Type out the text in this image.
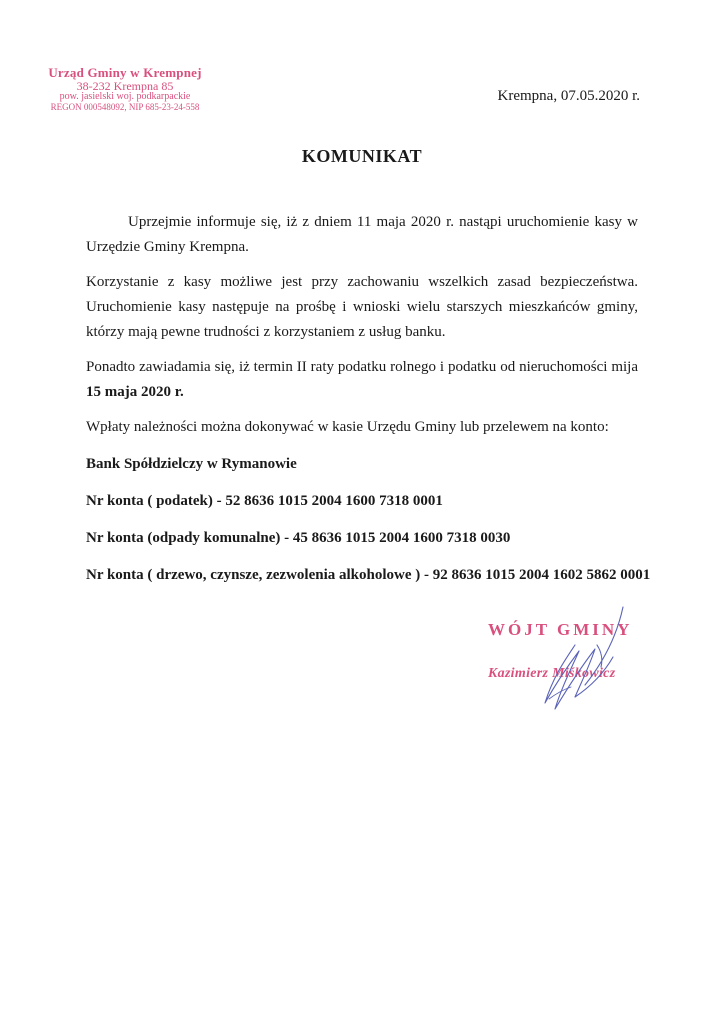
Urząd Gminy w Krempnej
38-232 Krempna 85
pow. jasielski woj. podkarpackie
REGON 000548092, NIP 685-23-24-558
Krempna, 07.05.2020 r.
KOMUNIKAT

Uprzejmie informuje się, iż z dniem 11 maja 2020 r. nastąpi uruchomienie kasy w Urzędzie Gminy Krempna.

Korzystanie z kasy możliwe jest przy zachowaniu wszelkich zasad bezpieczeństwa. Uruchomienie kasy następuje na prośbę i wnioski wielu starszych mieszkańców gminy, którzy mają pewne trudności z korzystaniem z usług banku.

Ponadto zawiadamia się, iż termin II raty podatku rolnego i podatku od nieruchomości mija 15 maja 2020 r.

Wpłaty należności można dokonywać w kasie Urzędu Gminy lub przelewem na konto:

Bank Spółdzielczy w Rymanowie

Nr konta ( podatek) - 52 8636 1015 2004 1600 7318 0001

Nr konta (odpady komunalne) - 45 8636 1015 2004 1600 7318 0030

Nr konta ( drzewo, czynsze, zezwolenia alkoholowe ) - 92 8636 1015 2004 1602 5862 0001

WÓJT GMINY
Kazimierz Miśkowicz
